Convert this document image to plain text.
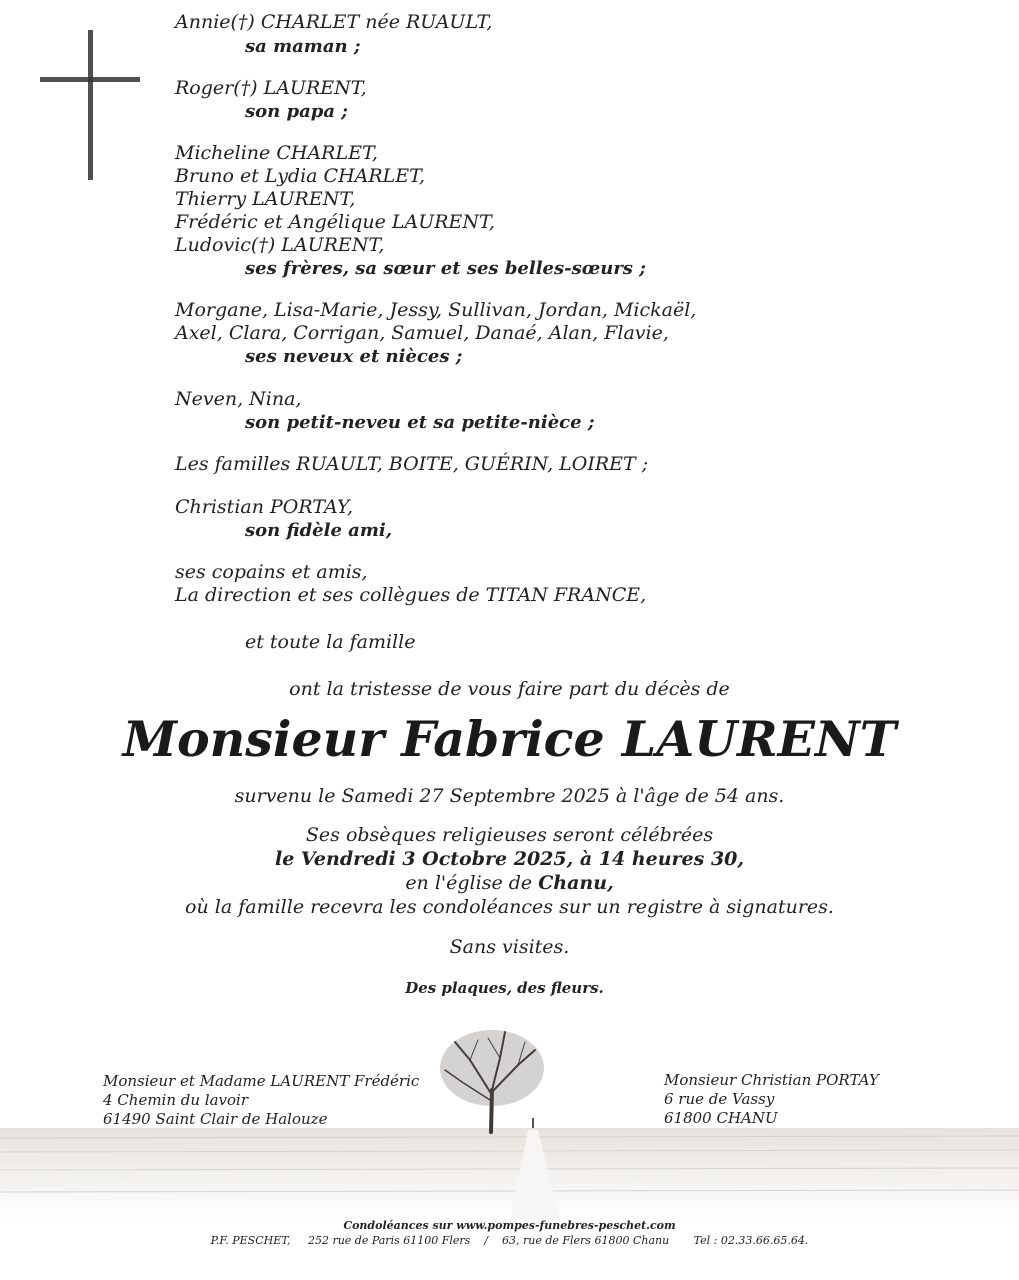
Annie(†) CHARLET née RUAULT,
sa maman ;
Roger(†) LAURENT,
son papa ;
Micheline CHARLET,
Bruno et Lydia CHARLET,
Thierry LAURENT,
Frédéric et Angélique LAURENT,
Ludovic(†) LAURENT,
ses frères, sa sœur et ses belles-sœurs ;
Morgane, Lisa-Marie, Jessy, Sullivan, Jordan, Mickaël,
Axel, Clara, Corrigan, Samuel, Danaé, Alan, Flavie,
ses neveux et nièces ;
Neven, Nina,
son petit-neveu et sa petite-nièce ;
Les familles RUAULT, BOITE, GUÉRIN, LOIRET ;
Christian PORTAY,
son fidèle ami,
ses copains et amis,
La direction et ses collègues de TITAN FRANCE,
et toute la famille
ont la tristesse de vous faire part du décès de
Monsieur Fabrice LAURENT
survenu le Samedi 27 Septembre 2025 à l'âge de 54 ans.
Ses obsèques religieuses seront célébrées
le Vendredi 3 Octobre 2025, à 14 heures 30,
en l'église de Chanu,
où la famille recevra les condoléances sur un registre à signatures.
Sans visites.
Des plaques, des fleurs.
Monsieur et Madame LAURENT Frédéric
4 Chemin du lavoir
61490 Saint Clair de Halouze
Monsieur Christian PORTAY
6 rue de Vassy
61800 CHANU
Condoléances sur www.pompes-funebres-peschet.com
P.F. PESCHET, 252 rue de Paris 61100 Flers / 63, rue de Flers 61800 Chanu Tel : 02.33.66.65.64.
